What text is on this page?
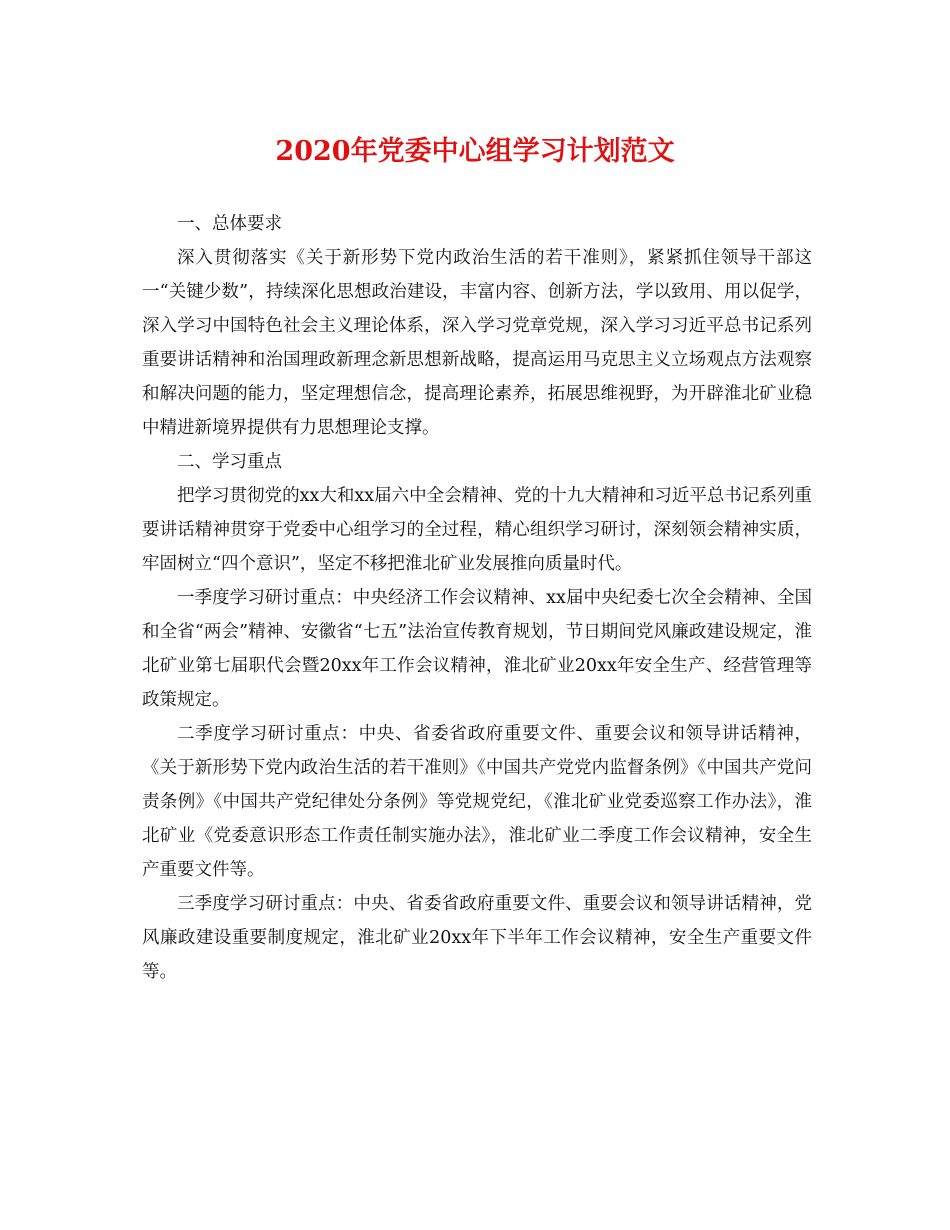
2020年党委中心组学习计划范文

一、总体要求

深入贯彻落实《关于新形势下党内政治生活的若干准则》，紧紧抓住领导干部这一“关键少数”，持续深化思想政治建设，丰富内容、创新方法，学以致用、用以促学，深入学习中国特色社会主义理论体系，深入学习党章党规，深入学习习近平总书记系列重要讲话精神和治国理政新理念新思想新战略，提高运用马克思主义立场观点方法观察和解决问题的能力，坚定理想信念，提高理论素养，拓展思维视野，为开辟淮北矿业稳中精进新境界提供有力思想理论支撑。

二、学习重点

把学习贯彻党的xx大和xx届六中全会精神、党的十九大精神和习近平总书记系列重要讲话精神贯穿于党委中心组学习的全过程，精心组织学习研讨，深刻领会精神实质，牢固树立“四个意识”，坚定不移把淮北矿业发展推向质量时代。

一季度学习研讨重点：中央经济工作会议精神、xx届中央纪委七次全会精神、全国和全省“两会”精神、安徽省“七五”法治宣传教育规划，节日期间党风廉政建设规定，淮北矿业第七届职代会暨20xx年工作会议精神，淮北矿业20xx年安全生产、经营管理等政策规定。

二季度学习研讨重点：中央、省委省政府重要文件、重要会议和领导讲话精神，《关于新形势下党内政治生活的若干准则》《中国共产党党内监督条例》《中国共产党问责条例》《中国共产党纪律处分条例》等党规党纪，《淮北矿业党委巡察工作办法》，淮北矿业《党委意识形态工作责任制实施办法》，淮北矿业二季度工作会议精神，安全生产重要文件等。

三季度学习研讨重点：中央、省委省政府重要文件、重要会议和领导讲话精神，党风廉政建设重要制度规定，淮北矿业20xx年下半年工作会议精神，安全生产重要文件等。
